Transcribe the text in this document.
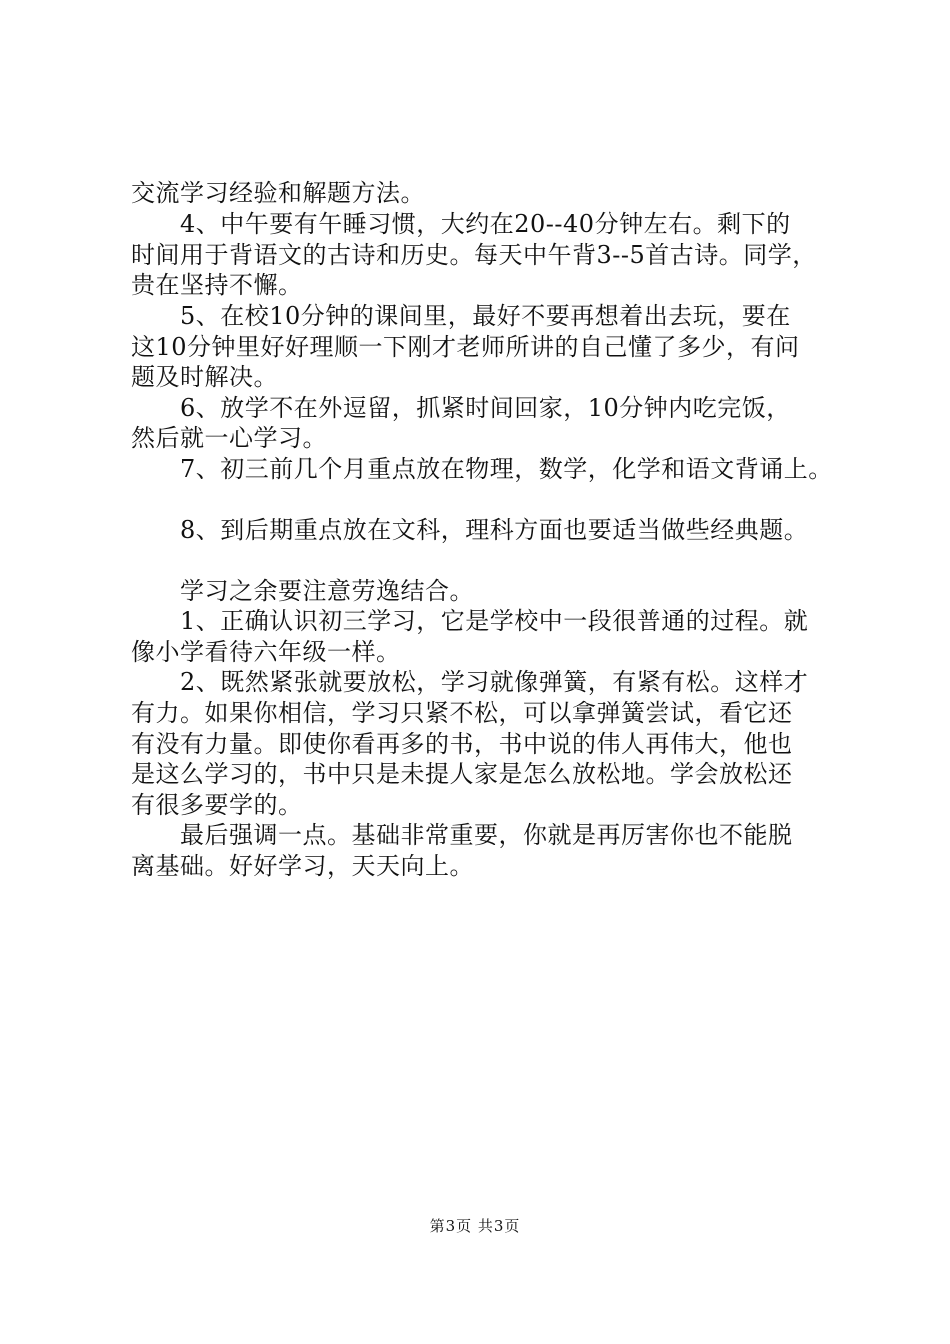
交流学习经验和解题方法。
　　4、中午要有午睡习惯，大约在20--40分钟左右。剩下的
时间用于背语文的古诗和历史。每天中午背3--5首古诗。同学，
贵在坚持不懈。
　　5、在校10分钟的课间里，最好不要再想着出去玩，要在
这10分钟里好好理顺一下刚才老师所讲的自己懂了多少，有问
题及时解决。
　　6、放学不在外逗留，抓紧时间回家，10分钟内吃完饭，
然后就一心学习。
　　7、初三前几个月重点放在物理，数学，化学和语文背诵上。
　　8、到后期重点放在文科，理科方面也要适当做些经典题。
　　学习之余要注意劳逸结合。
　　1、正确认识初三学习，它是学校中一段很普通的过程。就
像小学看待六年级一样。
　　2、既然紧张就要放松，学习就像弹簧，有紧有松。这样才
有力。如果你相信，学习只紧不松，可以拿弹簧尝试，看它还
有没有力量。即使你看再多的书，书中说的伟人再伟大，他也
是这么学习的，书中只是未提人家是怎么放松地。学会放松还
有很多要学的。
　　最后强调一点。基础非常重要，你就是再厉害你也不能脱
离基础。好好学习，天天向上。
第3页 共3页
